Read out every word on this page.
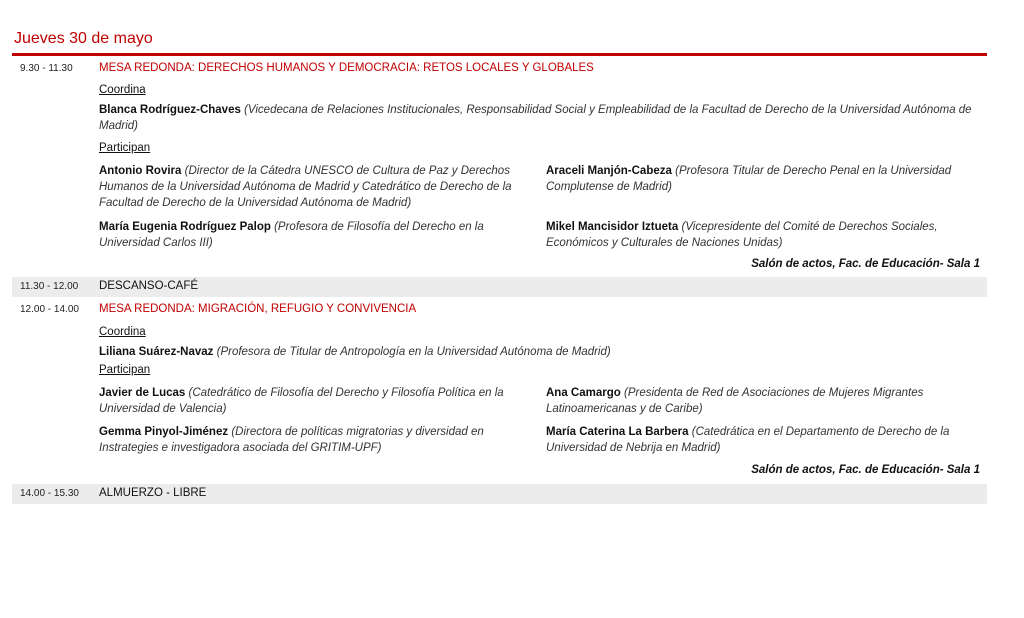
Jueves 30 de mayo
9.30 - 11.30 MESA REDONDA: DERECHOS HUMANOS Y DEMOCRACIA: RETOS LOCALES Y GLOBALES
Coordina
Blanca Rodríguez-Chaves (Vicedecana de Relaciones Institucionales, Responsabilidad Social y Empleabilidad de la Facultad de Derecho de la Universidad Autónoma de Madrid)
Participan
Antonio Rovira (Director de la Cátedra UNESCO de Cultura de Paz y Derechos Humanos de la Universidad Autónoma de Madrid y Catedrático de Derecho de la Facultad de Derecho de la Universidad Autónoma de Madrid)
Araceli Manjón-Cabeza (Profesora Titular de Derecho Penal en la Universidad Complutense de Madrid)
María Eugenia Rodríguez Palop (Profesora de Filosofía del Derecho en la Universidad Carlos III)
Mikel Mancisidor Iztueta (Vicepresidente del Comité de Derechos Sociales, Económicos y Culturales de Naciones Unidas)
Salón de actos, Fac. de Educación- Sala 1
11.30 - 12.00 DESCANSO-CAFÉ
12.00 - 14.00 MESA REDONDA: MIGRACIÓN, REFUGIO Y CONVIVENCIA
Coordina
Liliana Suárez-Navaz (Profesora de Titular de Antropología en la Universidad Autónoma de Madrid)
Participan
Javier de Lucas (Catedrático de Filosofía del Derecho y Filosofía Política en la Universidad de Valencia)
Ana Camargo (Presidenta de Red de Asociaciones de Mujeres Migrantes Latinoamericanas y de Caribe)
Gemma Pinyol-Jiménez (Directora de políticas migratorias y diversidad en Instrategies e investigadora asociada del GRITIM-UPF)
María Caterina La Barbera (Catedrática en el Departamento de Derecho de la Universidad de Nebrija en Madrid)
Salón de actos, Fac. de Educación- Sala 1
14.00 - 15.30 ALMUERZO - LIBRE
